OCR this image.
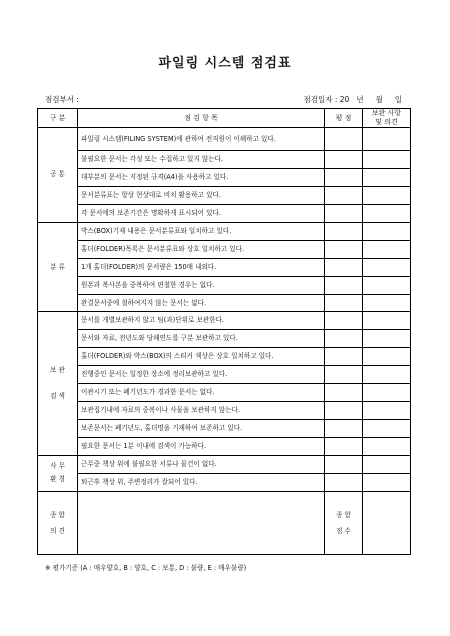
파일링 시스템 점검표
점검부서 :	점검일자 : 20   년     월     일
구 분	점 검 항 목	평 점	보완 사항
및 의견
공 통	파일링 시스템(FILING SYSTEM)에 관하여 전직원이 이해하고 있다.		
	불필요한 문서는 각성 또는 수집하고 있지 않는다.		
	대부분의 문서는 지정된 규격(A4)을 사용하고 있다.		
	문서분류표는 항상 현상대로 비치 활용하고 있다.		
	각 문서에의 보존기간은 명확하게 표시되어 있다.		
분 류	박스(BOX)기재 내용은 문서분류표와 일치하고 있다.		
	홀더(FOLDER)목록은 문서분류표와 상호 일치하고 있다.		
	1개 홀더(FOLDER)의 문서량은 150매 내외다.		
	원본과 복사본을 중복하여 편철한 경우는 없다.		
	완결문서중에 철하여지지 않는 문서는 없다.		
보 관

검 색	문서를 개별보관하지 않고 팀(과)단위로 보관한다.		
	문서와 자료, 전년도와 당해연도를 구분 보관하고 있다.		
	홀더(FOLDER)와 박스(BOX)의 스티커 색상은 상호 일치하고 있다.		
	진행중인 문서는 일정한 장소에 정리보관하고 있다.		
	이관시기 또는 폐기년도가 경과한 문서는 없다.		
	보관집기내에 자료의 중복이나 사물을 보관하지 않는다.		
	보존문서는 폐기년도, 홀더명을 기재하여 보존하고 있다.		
	필요한 문서는 1분 이내에 검색이 가능하다.		
사 무
환 경	근무중 책상 위에 불필요한 서류나 물건이 없다.		
	퇴근후 책상 위, 주변정리가 잘되어 있다.		
종 합
의 견		종 합
점 수	
※ 평가기준 (A : 매우양호, B : 양호, C : 보통, D : 불량, E : 매우불량)
